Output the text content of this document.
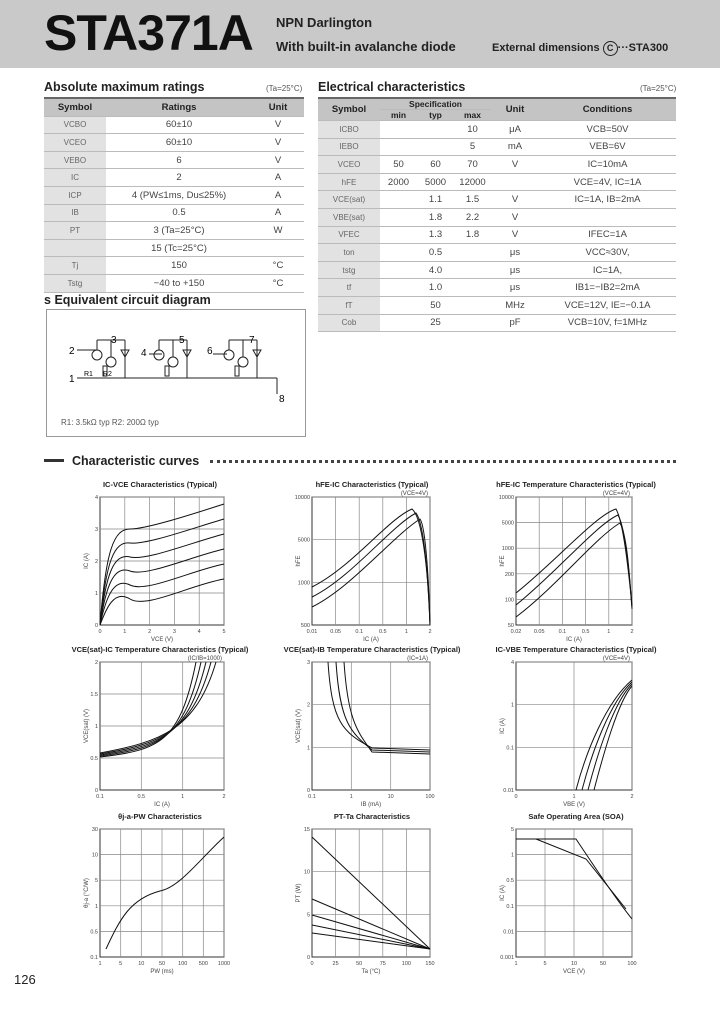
STA371A NPN Darlington
With built-in avalanche diode	External dimensions C ···STA300
Absolute maximum ratings	(Ta=25°C)
Symbol	Ratings	Unit
VCBO	60±10	V
VCEO	60±10	V
VEBO	6	V
IC	2	A
ICP	4 (PW≤1ms, Du≤25%)	A
IB	0.5	A
PT	3 (Ta=25°C)	W
	15 (Tc=25°C)	
Tj	150	°C
Tstg	−40 to +150	°C
Electrical characteristics	(Ta=25°C)
Symbol	Specification			Unit	Conditions
	min	typ	max		
ICBO			10	μA	VCB=50V
IEBO			5	mA	VEB=6V
VCEO	50	60	70	V	IC=10mA
hFE	2000	5000	12000		VCE=4V, IC=1A
VCE(sat)		1.1	1.5	V	IC=1A, IB=2mA
VBE(sat)		1.8	2.2	V	
VFEC		1.3	1.8	V	IFEC=1A
ton		0.5		μs	VCC≈30V,
tstg		4.0		μs	IC=1A,
tf		1.0		μs	IB1=−IB2=2mA
fT		50		MHz	VCE=12V, IE=−0.1A
Cob		25		pF	VCB=10V, f=1MHz
s Equivalent circuit diagram
3
2
1
4
5
6
7
8
R1 R2
R1: 3.5kΩ typ R2: 200Ω typ
Characteristic curves
IC-VCE Characteristics (Typical)
0	1	2	3	4	5
0
1
2
3
4
VCE (V)
IC (A)
hFE-IC Characteristics (Typical)
0.01 0.05	0.1	0.5	1	2
500
1000
5000
10000
IC (A)
hFE
(VCE=4V)
hFE-IC Temperature Characteristics (Typical)
0.02 0.05	0.1	0.5	1	2
50
100
200
1000
5000
10000
IC (A)
hFE
(VCE=4V)
VCE(sat)-IC Temperature Characteristics (Typical)
0.1	0.5	1	2
0
0.5
1
1.5
2
IC (A)
VCE(sat) (V)
(IC/IB=1000)
VCE(sat)-IB Temperature Characteristics (Typical)
0.1	1	10	100
0
1
2
3
IB (mA)
VCE(sat) (V)
(IC=1A)
IC-VBE Temperature Characteristics (Typical)
0	1	2
0.01
0.1
1
4
VBE (V)
IC (A)
(VCE=4V)
θj-a-PW Characteristics
1	5	10	50 100 500 1000
0.1
0.5
1
5
10
30
PW (ms)
θj-a (°C/W)
PT-Ta Characteristics
0	25	50	75	100	150
0
5
10
15
Ta (°C)
PT (W)
Safe Operating Area (SOA)
1	5	10	50	100
0.001
0.01
0.1
0.5
1
5
VCE (V)
IC (A)
126
